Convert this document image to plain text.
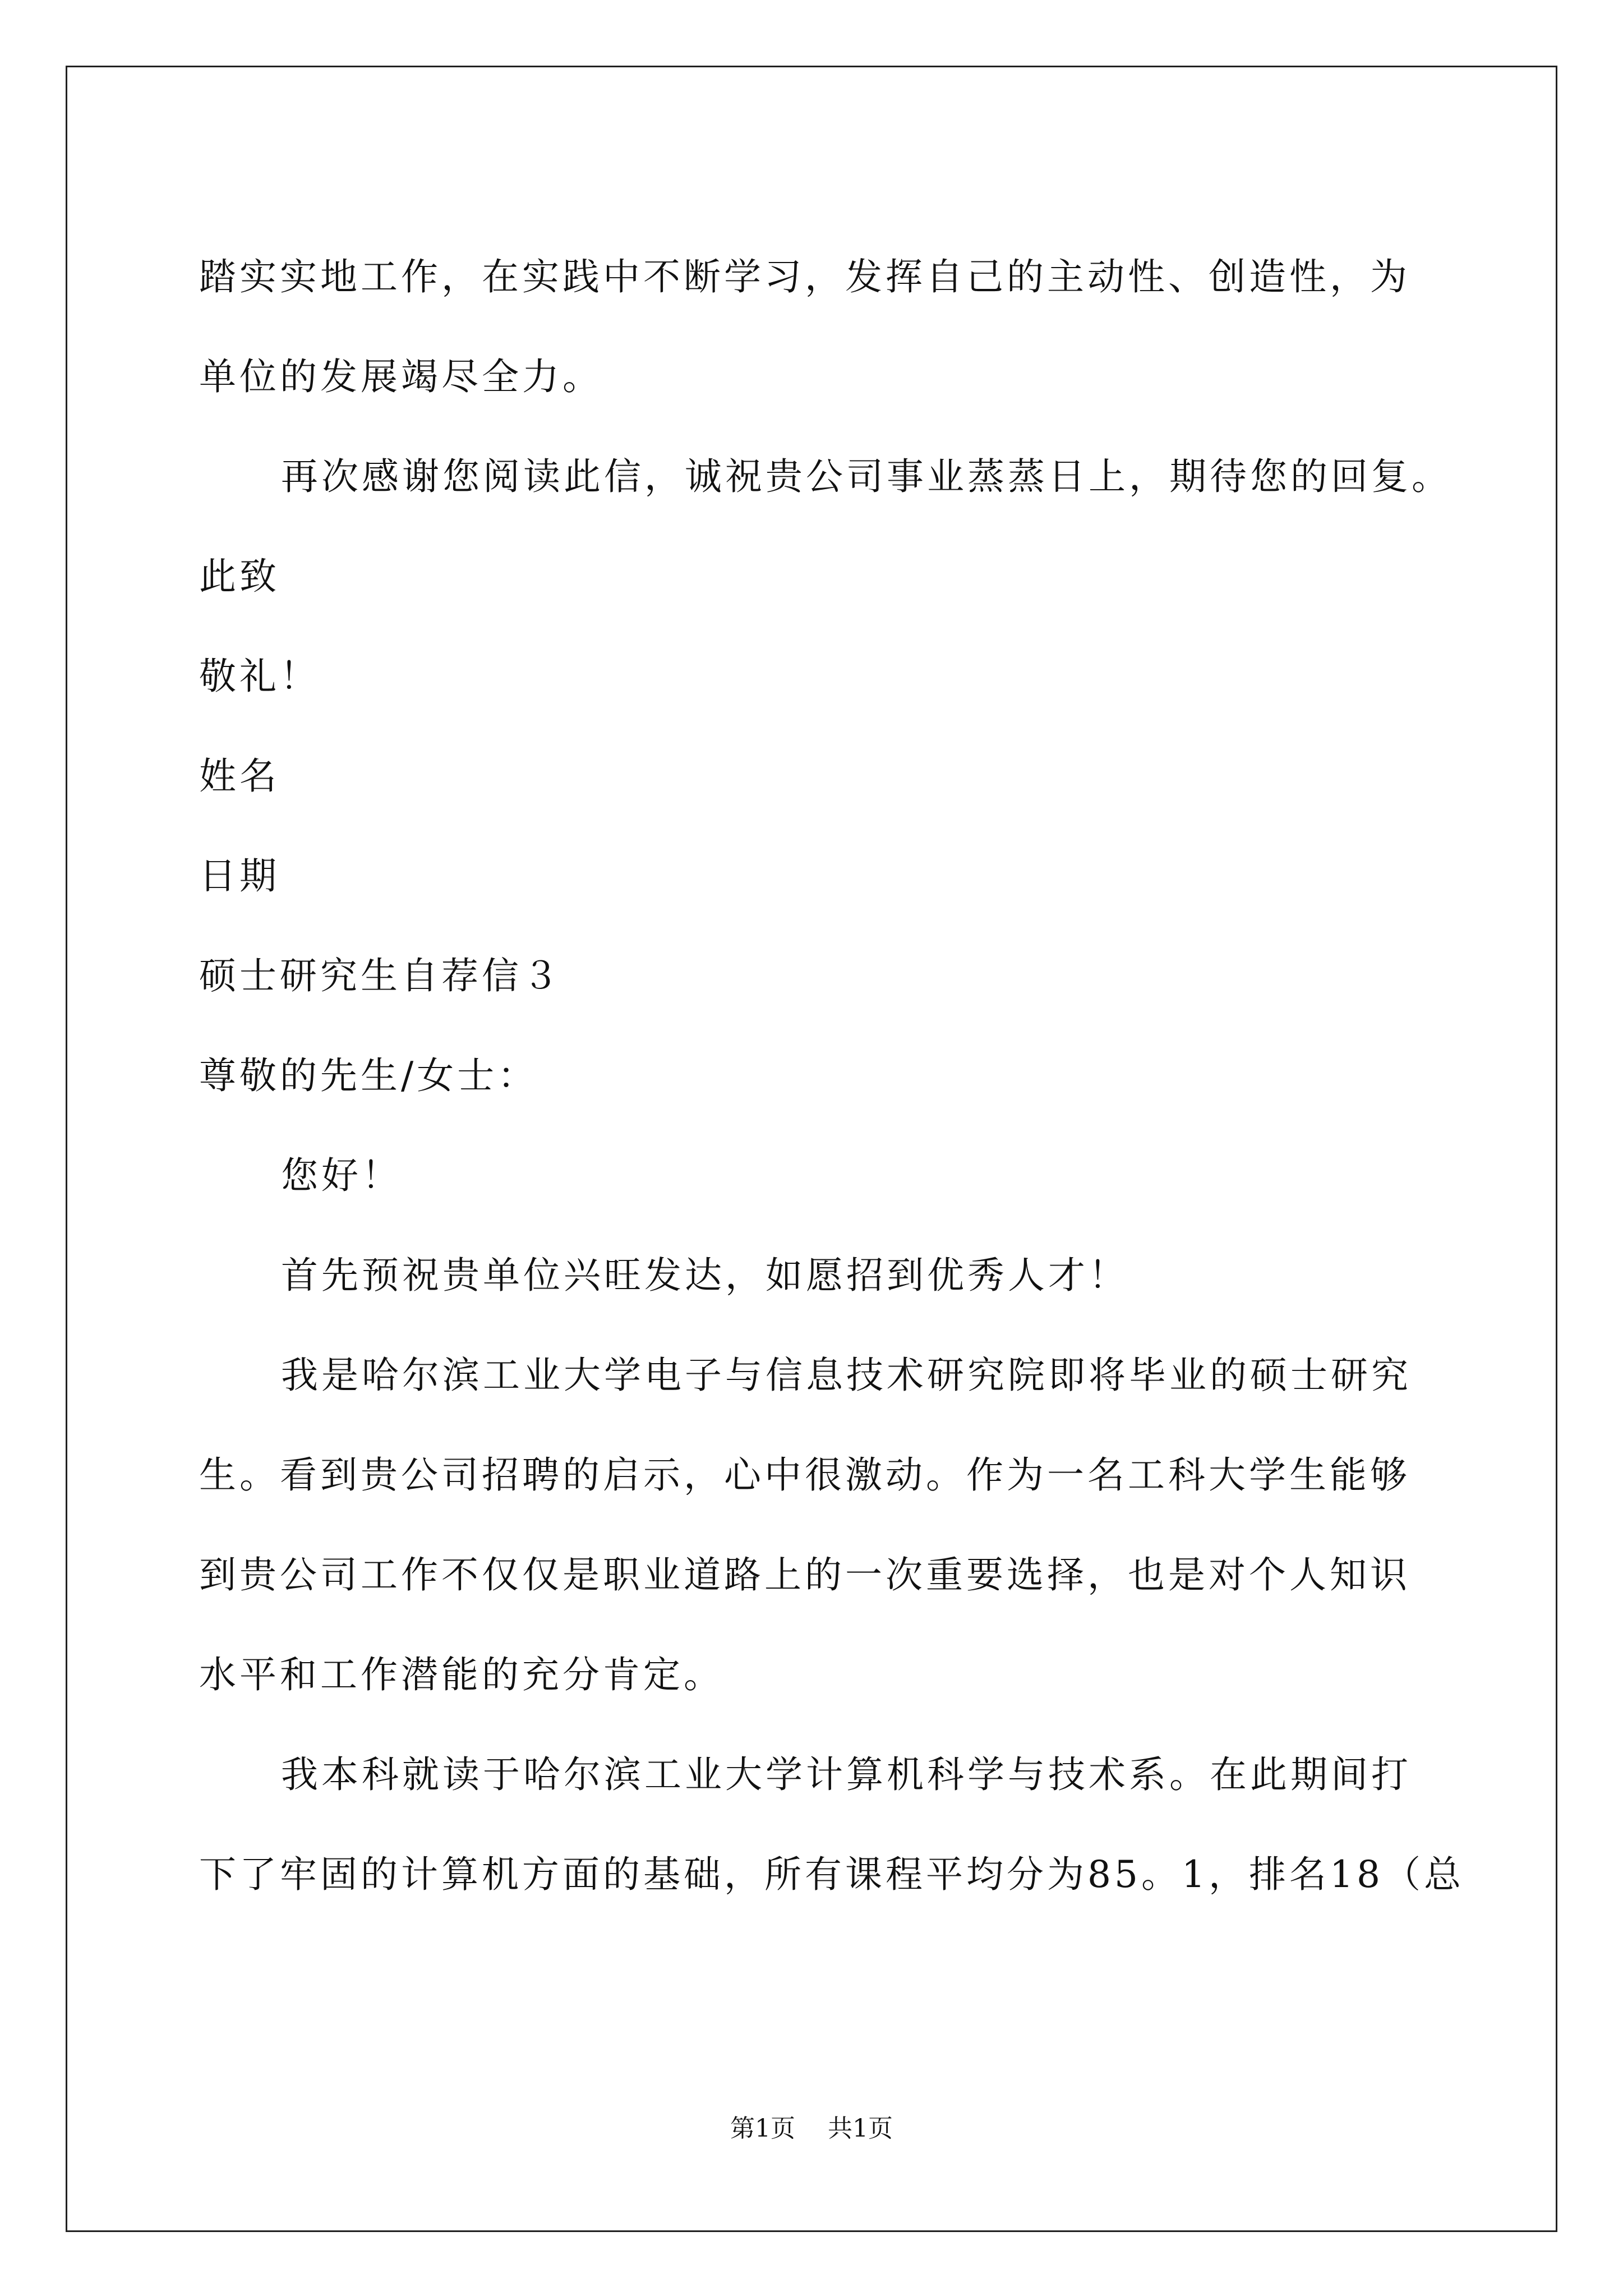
踏实实地工作，在实践中不断学习，发挥自己的主动性、创造性，为
单位的发展竭尽全力。
再次感谢您阅读此信，诚祝贵公司事业蒸蒸日上，期待您的回复。
此致
敬礼！
姓名
日期
硕士研究生自荐信３
尊敬的先生/女士：
您好！
首先预祝贵单位兴旺发达，如愿招到优秀人才！
我是哈尔滨工业大学电子与信息技术研究院即将毕业的硕士研究
生。看到贵公司招聘的启示，心中很激动。作为一名工科大学生能够
到贵公司工作不仅仅是职业道路上的一次重要选择，也是对个人知识
水平和工作潜能的充分肯定。
我本科就读于哈尔滨工业大学计算机科学与技术系。在此期间打
下了牢固的计算机方面的基础，所有课程平均分为85。1，排名18（总
第1页 共1页
